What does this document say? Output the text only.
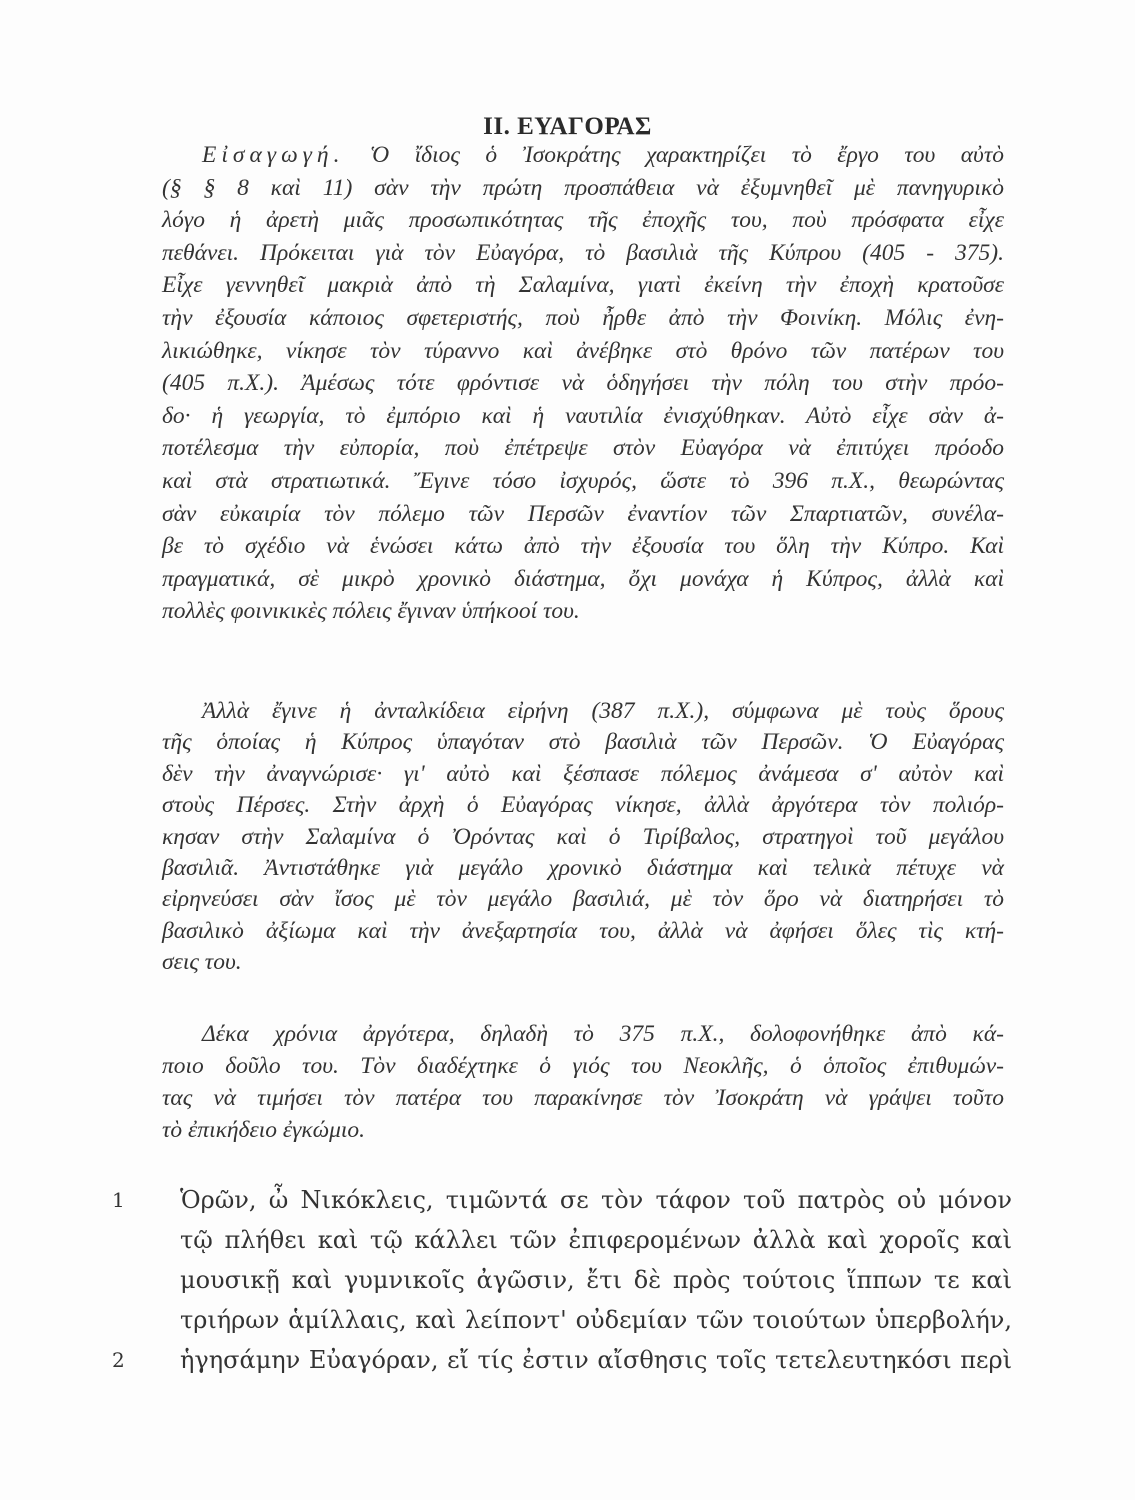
II. ΕΥΑΓΟΡΑΣ
Εἰσαγωγή. Ὁ ἴδιος ὁ Ἰσοκράτης χαρακτηρίζει τὸ ἔργο του αὐτὸ
(§ § 8 καὶ 11) σὰν τὴν πρώτη προσπάθεια νὰ ἐξυμνηθεῖ μὲ πανηγυρικὸ
λόγο ἡ ἀρετὴ μιᾶς προσωπικότητας τῆς ἐποχῆς του, ποὺ πρόσφατα εἶχε
πεθάνει. Πρόκειται γιὰ τὸν Εὐαγόρα, τὸ βασιλιὰ τῆς Κύπρου (405 - 375).
Εἶχε γεννηθεῖ μακριὰ ἀπὸ τὴ Σαλαμίνα, γιατὶ ἐκείνη τὴν ἐποχὴ κρατοῦσε
τὴν ἐξουσία κάποιος σφετεριστής, ποὺ ἦρθε ἀπὸ τὴν Φοινίκη. Μόλις ἐνη-
λικιώθηκε, νίκησε τὸν τύραννο καὶ ἀνέβηκε στὸ θρόνο τῶν πατέρων του
(405 π.Χ.). Ἀμέσως τότε φρόντισε νὰ ὁδηγήσει τὴν πόλη του στὴν πρόο-
δο· ἡ γεωργία, τὸ ἐμπόριο καὶ ἡ ναυτιλία ἐνισχύθηκαν. Αὐτὸ εἶχε σὰν ἀ-
ποτέλεσμα τὴν εὐπορία, ποὺ ἐπέτρεψε στὸν Εὐαγόρα νὰ ἐπιτύχει πρόοδο
καὶ στὰ στρατιωτικά. Ἔγινε τόσο ἰσχυρός, ὥστε τὸ 396 π.Χ., θεωρώντας
σὰν εὐκαιρία τὸν πόλεμο τῶν Περσῶν ἐναντίον τῶν Σπαρτιατῶν, συνέλα-
βε τὸ σχέδιο νὰ ἑνώσει κάτω ἀπὸ τὴν ἐξουσία του ὅλη τὴν Κύπρο. Καὶ
πραγματικά, σὲ μικρὸ χρονικὸ διάστημα, ὄχι μονάχα ἡ Κύπρος, ἀλλὰ καὶ
πολλὲς φοινικικὲς πόλεις ἔγιναν ὑπήκοοί του.
Ἀλλὰ ἔγινε ἡ ἀνταλκίδεια εἰρήνη (387 π.Χ.), σύμφωνα μὲ τοὺς ὅρους
τῆς ὁποίας ἡ Κύπρος ὑπαγόταν στὸ βασιλιὰ τῶν Περσῶν. Ὁ Εὐαγόρας
δὲν τὴν ἀναγνώρισε· γι' αὐτὸ καὶ ξέσπασε πόλεμος ἀνάμεσα σ' αὐτὸν καὶ
στοὺς Πέρσες. Στὴν ἀρχὴ ὁ Εὐαγόρας νίκησε, ἀλλὰ ἀργότερα τὸν πολιόρ-
κησαν στὴν Σαλαμίνα ὁ Ὀρόντας καὶ ὁ Τιρίβαλος, στρατηγοὶ τοῦ μεγάλου
βασιλιᾶ. Ἀντιστάθηκε γιὰ μεγάλο χρονικὸ διάστημα καὶ τελικὰ πέτυχε νὰ
εἰρηνεύσει σὰν ἴσος μὲ τὸν μεγάλο βασιλιά, μὲ τὸν ὅρο νὰ διατηρήσει τὸ
βασιλικὸ ἀξίωμα καὶ τὴν ἀνεξαρτησία του, ἀλλὰ νὰ ἀφήσει ὅλες τὶς κτή-
σεις του.
Δέκα χρόνια ἀργότερα, δηλαδὴ τὸ 375 π.Χ., δολοφονήθηκε ἀπὸ κά-
ποιο δοῦλο του. Τὸν διαδέχτηκε ὁ γιός του Νεοκλῆς, ὁ ὁποῖος ἐπιθυμών-
τας νὰ τιμήσει τὸν πατέρα του παρακίνησε τὸν Ἰσοκράτη νὰ γράψει τοῦτο
τὸ ἐπικήδειο ἐγκώμιο.
1	Ὁρῶν, ὦ Νικόκλεις, τιμῶντά σε τὸν τάφον τοῦ πατρὸς οὐ μόνον
τῷ πλήθει καὶ τῷ κάλλει τῶν ἐπιφερομένων ἀλλὰ καὶ χοροῖς καὶ
μουσικῇ καὶ γυμνικοῖς ἀγῶσιν, ἔτι δὲ πρὸς τούτοις ἵππων τε καὶ
τριήρων ἁμίλλαις, καὶ λείποντ' οὐδεμίαν τῶν τοιούτων ὑπερβολήν,
2	ἡγησάμην Εὐαγόραν, εἴ τίς ἐστιν αἴσθησις τοῖς τετελευτηκόσι περὶ
